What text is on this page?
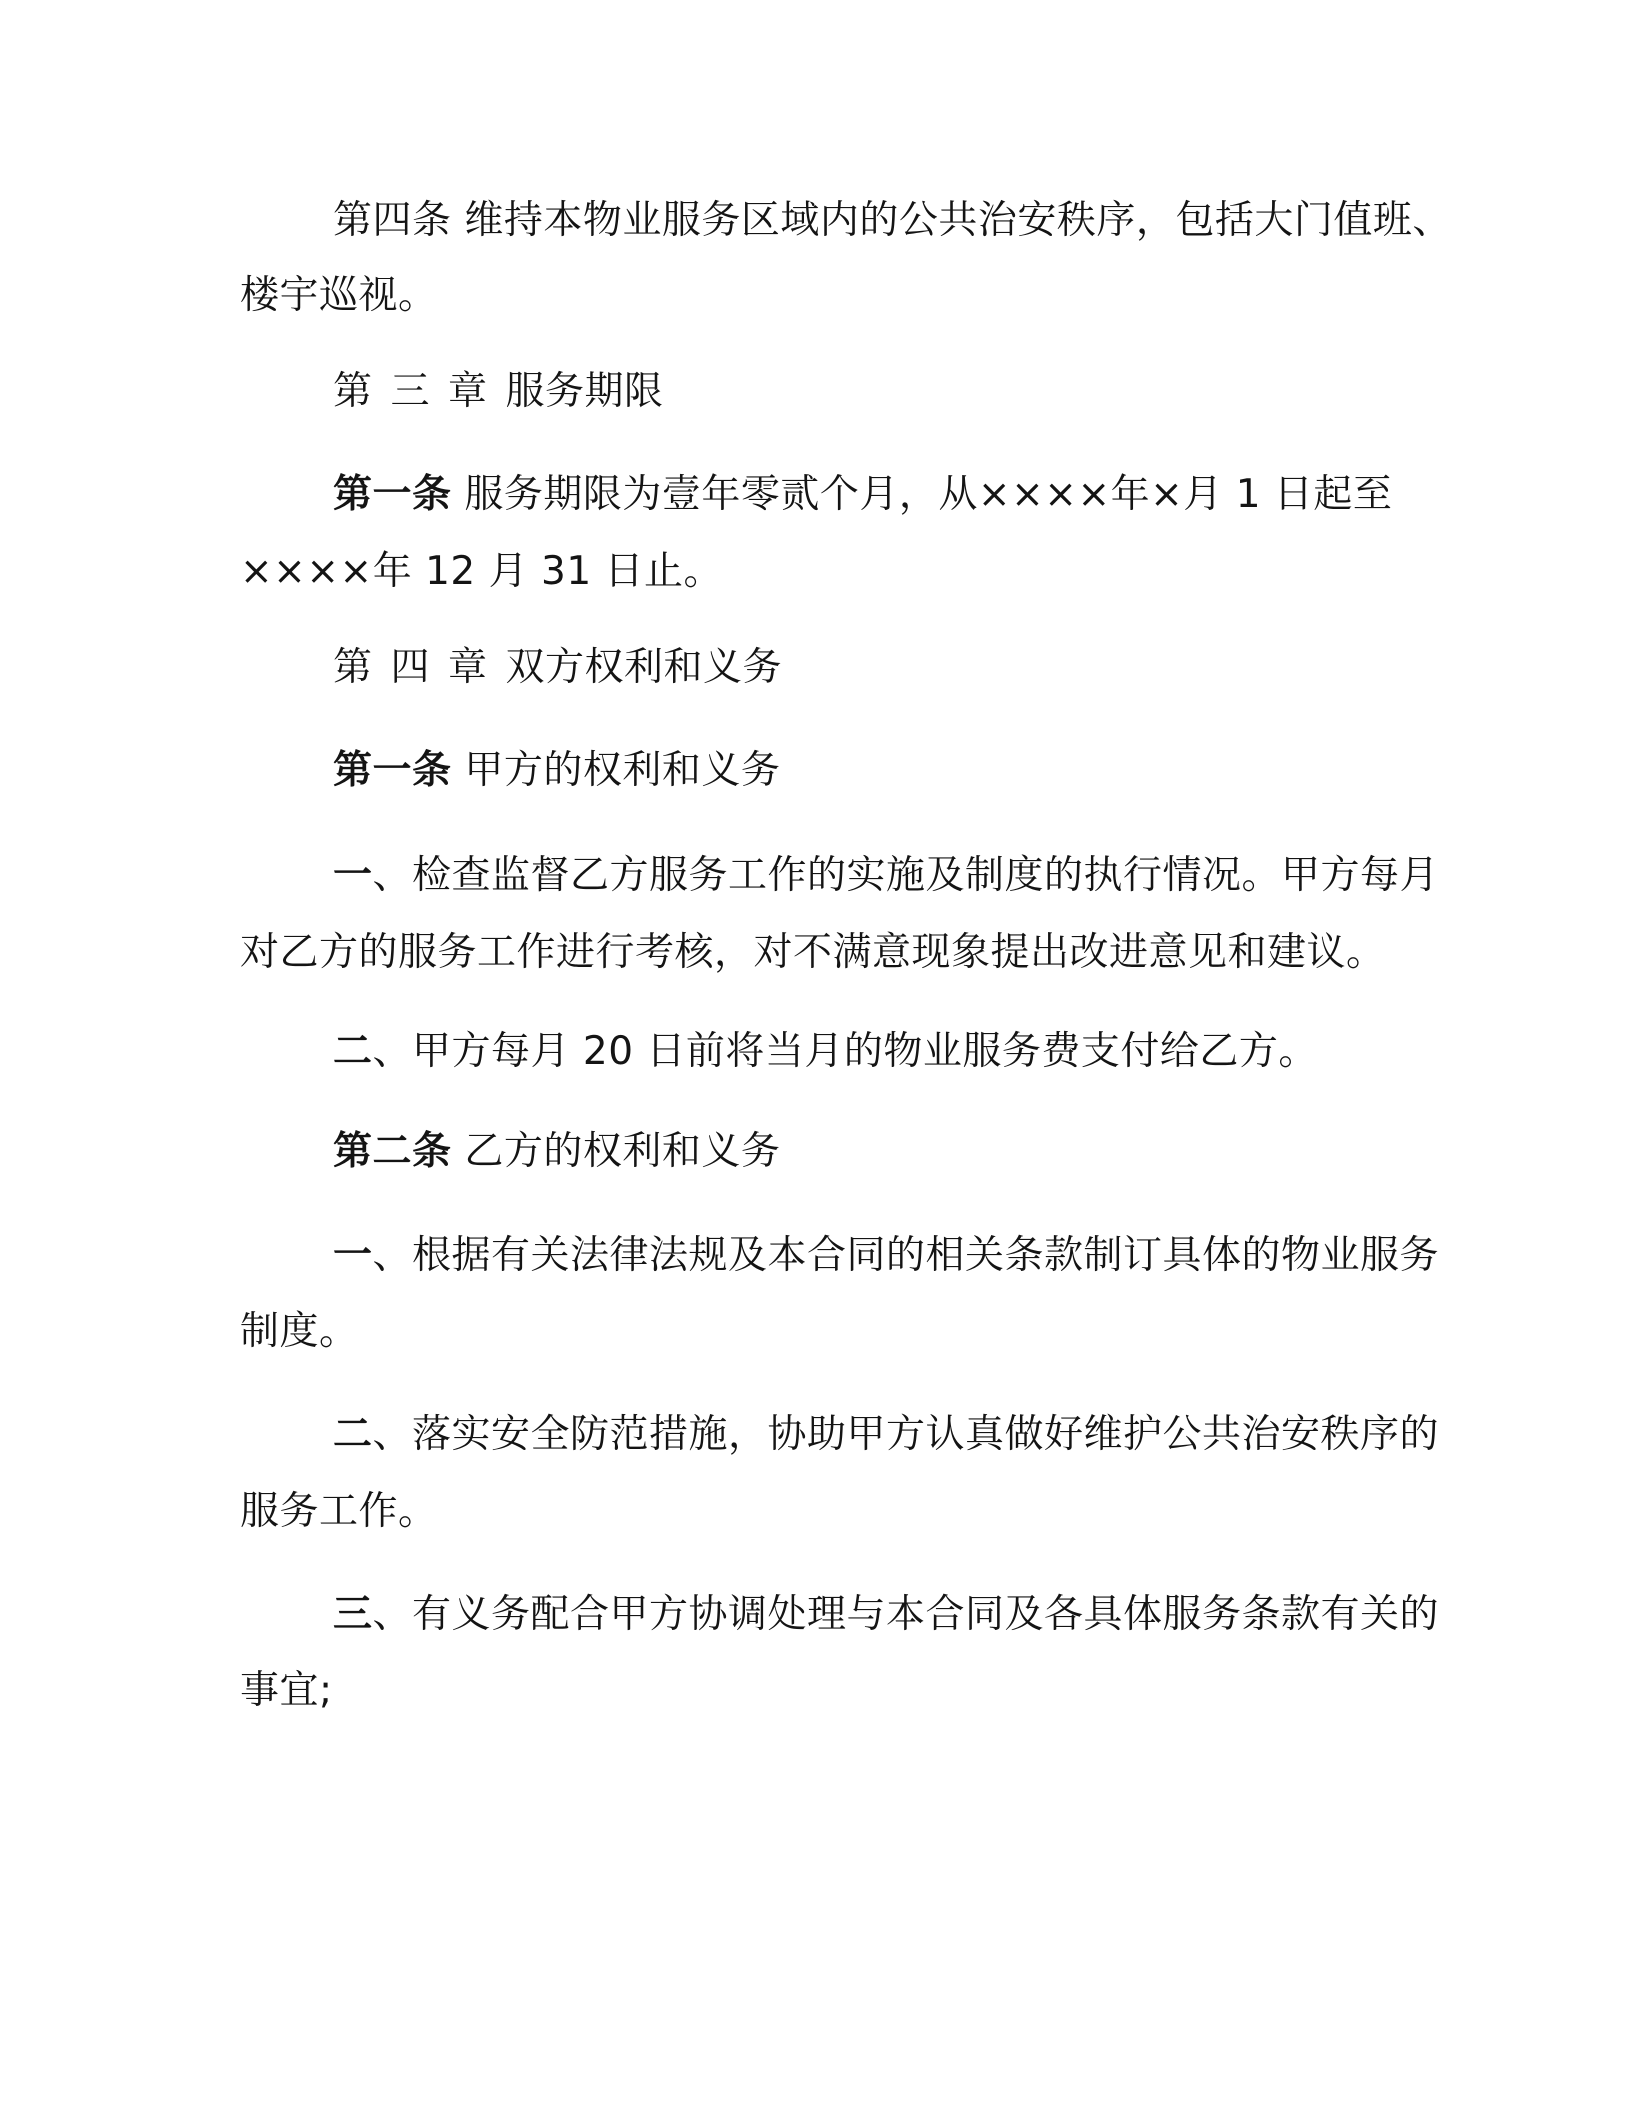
第四条 维持本物业服务区域内的公共治安秩序，包括大门值班、
楼宇巡视。
第 三 章 服务期限
第一条 服务期限为壹年零贰个月，从××××年×月 1 日起至
××××年 12 月 31 日止。
第 四 章 双方权利和义务
第一条 甲方的权利和义务
一、检查监督乙方服务工作的实施及制度的执行情况。甲方每月
对乙方的服务工作进行考核，对不满意现象提出改进意见和建议。
二、甲方每月 20 日前将当月的物业服务费支付给乙方。
第二条 乙方的权利和义务
一、根据有关法律法规及本合同的相关条款制订具体的物业服务
制度。
二、落实安全防范措施，协助甲方认真做好维护公共治安秩序的
服务工作。
三、有义务配合甲方协调处理与本合同及各具体服务条款有关的
事宜;
